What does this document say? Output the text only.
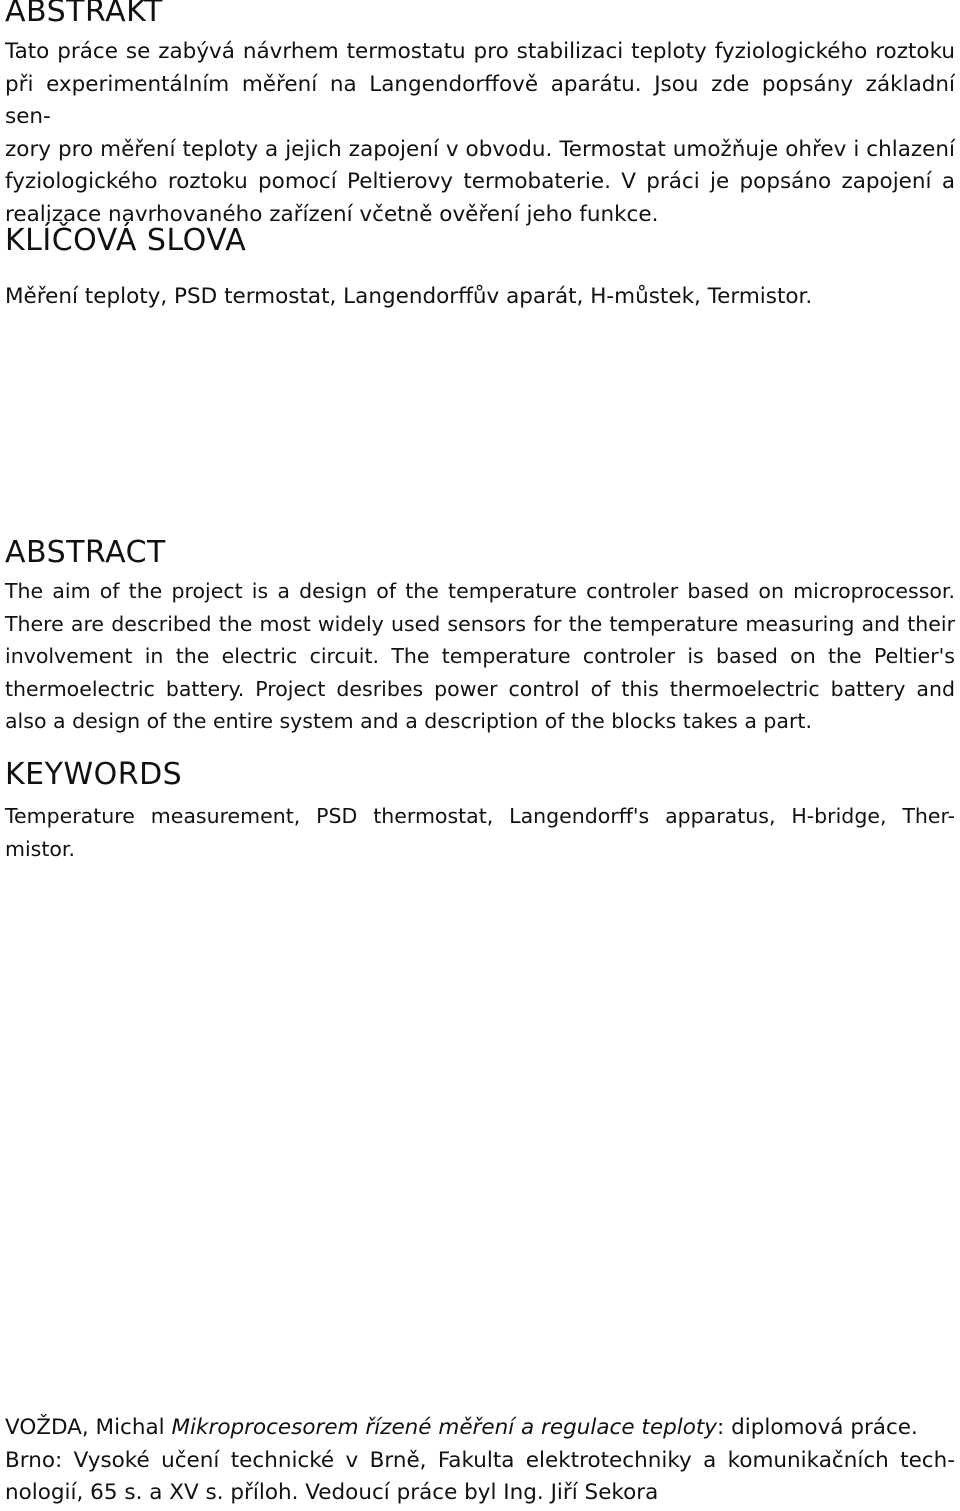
ABSTRAKT
Tato práce se zabývá návrhem termostatu pro stabilizaci teploty fyziologického roztoku
při experimentálním měření na Langendorffově aparátu. Jsou zde popsány základní sen-
zory pro měření teploty a jejich zapojení v obvodu. Termostat umožňuje ohřev i chlazení
fyziologického roztoku pomocí Peltierovy termobaterie. V práci je popsáno zapojení a
realizace navrhovaného zařízení včetně ověření jeho funkce.
KLÍČOVÁ SLOVA
Měření teploty, PSD termostat, Langendorffův aparát, H-můstek, Termistor.
ABSTRACT
The aim of the project is a design of the temperature controler based on microprocessor.
There are described the most widely used sensors for the temperature measuring and their
involvement in the electric circuit. The temperature controler is based on the Peltier's
thermoelectric battery. Project desribes power control of this thermoelectric battery and
also a design of the entire system and a description of the blocks takes a part.
KEYWORDS
Temperature measurement, PSD thermostat, Langendorff's apparatus, H-bridge, Ther-
mistor.
VOŽDA, Michal Mikroprocesorem řízené měření a regulace teploty: diplomová práce.
Brno: Vysoké učení technické v Brně, Fakulta elektrotechniky a komunikačních tech-
nologií, 65 s. a XV s. příloh. Vedoucí práce byl Ing. Jiří Sekora
